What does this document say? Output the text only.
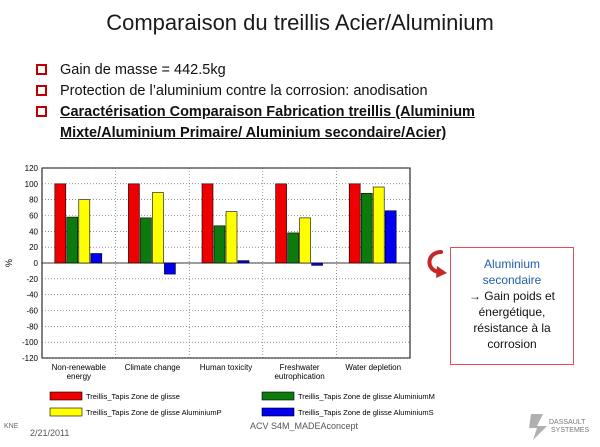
Comparaison du treillis Acier/Aluminium
Gain de masse = 442.5kg
Protection de l’aluminium contre la corrosion: anodisation
Caractérisation Comparaison Fabrication treillis (Aluminium Mixte/Aluminium Primaire/ Aluminium secondaire/Acier)
120
100
80
60
40
20
0
-20
-40
-60
-80
-100
-120
%
Non-renewable
energy
Climate change Human toxicity	Freshwater
eutrophication
Water depletion
Treillis_Tapis Zone de glisse	Treillis_Tapis Zone de glisse AluminiumM
Treillis_Tapis Zone de glisse AluminiumP	Treillis_Tapis Zone de glisse AluminiumS
Aluminium
secondaire
→ Gain poids et énergétique, résistance à la corrosion
KNE
2/21/2011
ACV S4M_MADEAconcept	DASSAULT
SYSTEMES
